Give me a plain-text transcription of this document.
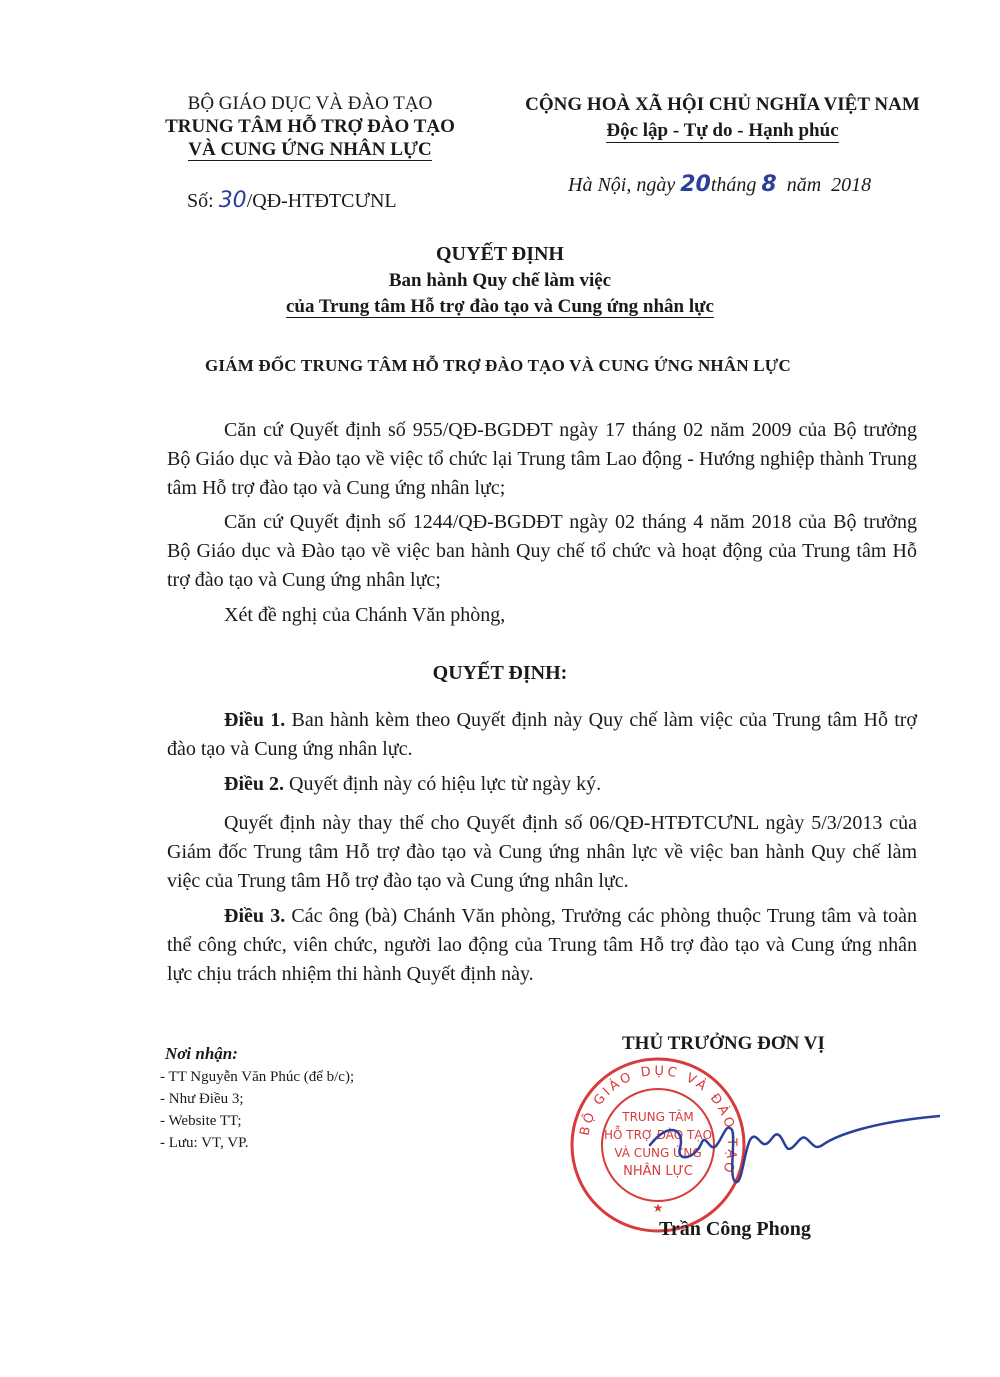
BỘ GIÁO DỤC VÀ ĐÀO TẠO
TRUNG TÂM HỖ TRỢ ĐÀO TẠO
VÀ CUNG ỨNG NHÂN LỰC
Số: 30/QĐ-HTĐTCƯNL
CỘNG HOÀ XÃ HỘI CHỦ NGHĨA VIỆT NAM
Độc lập - Tự do - Hạnh phúc
Hà Nội, ngày 20tháng 8 năm 2018
QUYẾT ĐỊNH
Ban hành Quy chế làm việc
của Trung tâm Hỗ trợ đào tạo và Cung ứng nhân lực
GIÁM ĐỐC TRUNG TÂM HỖ TRỢ ĐÀO TẠO VÀ CUNG ỨNG NHÂN LỰC
Căn cứ Quyết định số 955/QĐ-BGDĐT ngày 17 tháng 02 năm 2009 của Bộ trưởng Bộ Giáo dục và Đào tạo về việc tổ chức lại Trung tâm Lao động - Hướng nghiệp thành Trung tâm Hỗ trợ đào tạo và Cung ứng nhân lực;
Căn cứ Quyết định số 1244/QĐ-BGDĐT ngày 02 tháng 4 năm 2018 của Bộ trưởng Bộ Giáo dục và Đào tạo về việc ban hành Quy chế tổ chức và hoạt động của Trung tâm Hỗ trợ đào tạo và Cung ứng nhân lực;
Xét đề nghị của Chánh Văn phòng,
QUYẾT ĐỊNH:
Điều 1. Ban hành kèm theo Quyết định này Quy chế làm việc của Trung tâm Hỗ trợ đào tạo và Cung ứng nhân lực.
Điều 2. Quyết định này có hiệu lực từ ngày ký.
Quyết định này thay thế cho Quyết định số 06/QĐ-HTĐTCƯNL ngày 5/3/2013 của Giám đốc Trung tâm Hỗ trợ đào tạo và Cung ứng nhân lực về việc ban hành Quy chế làm việc của Trung tâm Hỗ trợ đào tạo và Cung ứng nhân lực.
Điều 3. Các ông (bà) Chánh Văn phòng, Trưởng các phòng thuộc Trung tâm và toàn thể công chức, viên chức, người lao động của Trung tâm Hỗ trợ đào tạo và Cung ứng nhân lực chịu trách nhiệm thi hành Quyết định này.
THỦ TRƯỞNG ĐƠN VỊ
Nơi nhận:
- TT Nguyễn Văn Phúc (để b/c);
- Như Điều 3;
- Website TT;
- Lưu: VT, VP.
BỘ GIÁO DỤC VÀ ĐÀO TẠO
TRUNG TÂM
HỖ TRỢ ĐÀO TẠO
VÀ CUNG ỨNG
NHÂN LỰC
★
Trần Công Phong
